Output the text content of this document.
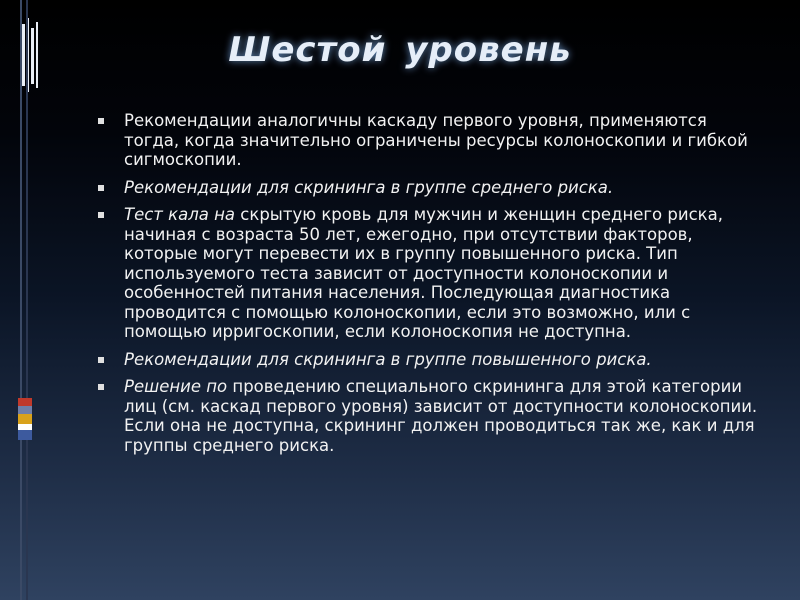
Шестой уровень
Рекомендации аналогичны каскаду первого уровня, применяются тогда, когда значительно ограничены ресурсы колоноскопии и гибкой сигмоскопии.
Рекомендации для скрининга в группе среднего риска.
Тест кала на скрытую кровь для мужчин и женщин среднего риска, начиная с возраста 50 лет, ежегодно, при отсутствии факторов, которые могут перевести их в группу повышенного риска. Тип используемого теста зависит от доступности колоноскопии и особенностей питания населения. Последующая диагностика проводится с помощью колоноскопии, если это возможно, или с помощью ирригоскопии, если колоноскопия не доступна.
Рекомендации для скрининга в группе повышенного риска.
Решение по проведению специального скрининга для этой категории лиц (см. каскад первого уровня) зависит от доступности колоноскопии. Если она не доступна, скрининг должен проводиться так же, как и для группы среднего риска.
